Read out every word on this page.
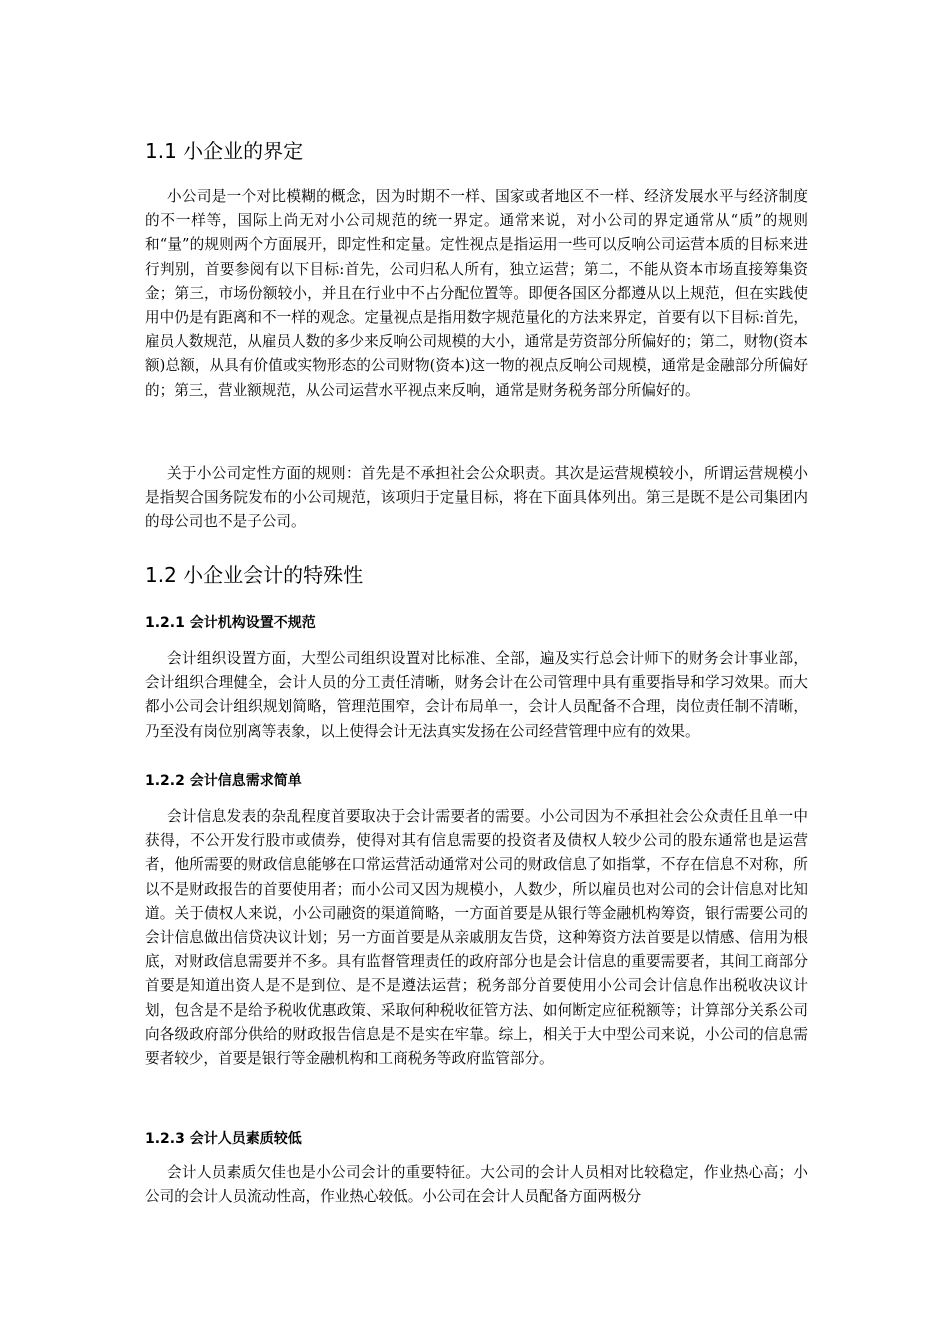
1.1 小企业的界定

小公司是一个对比模糊的概念，因为时期不一样、国家或者地区不一样、经济发展水平与经济制度的不一样等，国际上尚无对小公司规范的统一界定。通常来说，对小公司的界定通常从“质”的规则和“量”的规则两个方面展开，即定性和定量。定性视点是指运用一些可以反响公司运营本质的目标来进行判别，首要参阅有以下目标:首先，公司归私人所有，独立运营；第二，不能从资本市场直接筹集资金；第三，市场份额较小，并且在行业中不占分配位置等。即便各国区分都遵从以上规范，但在实践使用中仍是有距离和不一样的观念。定量视点是指用数字规范量化的方法来界定，首要有以下目标:首先，雇员人数规范，从雇员人数的多少来反响公司规模的大小，通常是劳资部分所偏好的；第二，财物(资本额)总额，从具有价值或实物形态的公司财物(资本)这一物的视点反响公司规模，通常是金融部分所偏好的；第三，营业额规范，从公司运营水平视点来反响，通常是财务税务部分所偏好的。

关于小公司定性方面的规则：首先是不承担社会公众职责。其次是运营规模较小，所谓运营规模小是指契合国务院发布的小公司规范，该项归于定量目标，将在下面具体列出。第三是既不是公司集团内的母公司也不是子公司。

1.2 小企业会计的特殊性
1.2.1 会计机构设置不规范

会计组织设置方面，大型公司组织设置对比标准、全部，遍及实行总会计师下的财务会计事业部，会计组织合理健全，会计人员的分工责任清晰，财务会计在公司管理中具有重要指导和学习效果。而大都小公司会计组织规划简略，管理范围窄，会计布局单一，会计人员配备不合理，岗位责任制不清晰，乃至没有岗位别离等表象，以上使得会计无法真实发扬在公司经营管理中应有的效果。

1.2.2 会计信息需求简单

会计信息发表的杂乱程度首要取决于会计需要者的需要。小公司因为不承担社会公众责任且单一中获得，不公开发行股市或债券，使得对其有信息需要的投资者及债权人较少公司的股东通常也是运营者，他所需要的财政信息能够在口常运营活动通常对公司的财政信息了如指掌，不存在信息不对称，所以不是财政报告的首要使用者；而小公司又因为规模小，人数少，所以雇员也对公司的会计信息对比知道。关于债权人来说，小公司融资的渠道简略，一方面首要是从银行等金融机构筹资，银行需要公司的会计信息做出信贷决议计划；另一方面首要是从亲戚朋友告贷，这种筹资方法首要是以情感、信用为根底，对财政信息需要并不多。具有监督管理责任的政府部分也是会计信息的重要需要者，其间工商部分首要是知道出资人是不是到位、是不是遵法运营；税务部分首要使用小公司会计信息作出税收决议计划，包含是不是给予税收优惠政策、采取何种税收征管方法、如何断定应征税额等；计算部分关系公司向各级政府部分供给的财政报告信息是不是实在牢靠。综上，相关于大中型公司来说，小公司的信息需要者较少，首要是银行等金融机构和工商税务等政府监管部分。

1.2.3 会计人员素质较低

会计人员素质欠佳也是小公司会计的重要特征。大公司的会计人员相对比较稳定，作业热心高；小公司的会计人员流动性高，作业热心较低。小公司在会计人员配备方面两极分
